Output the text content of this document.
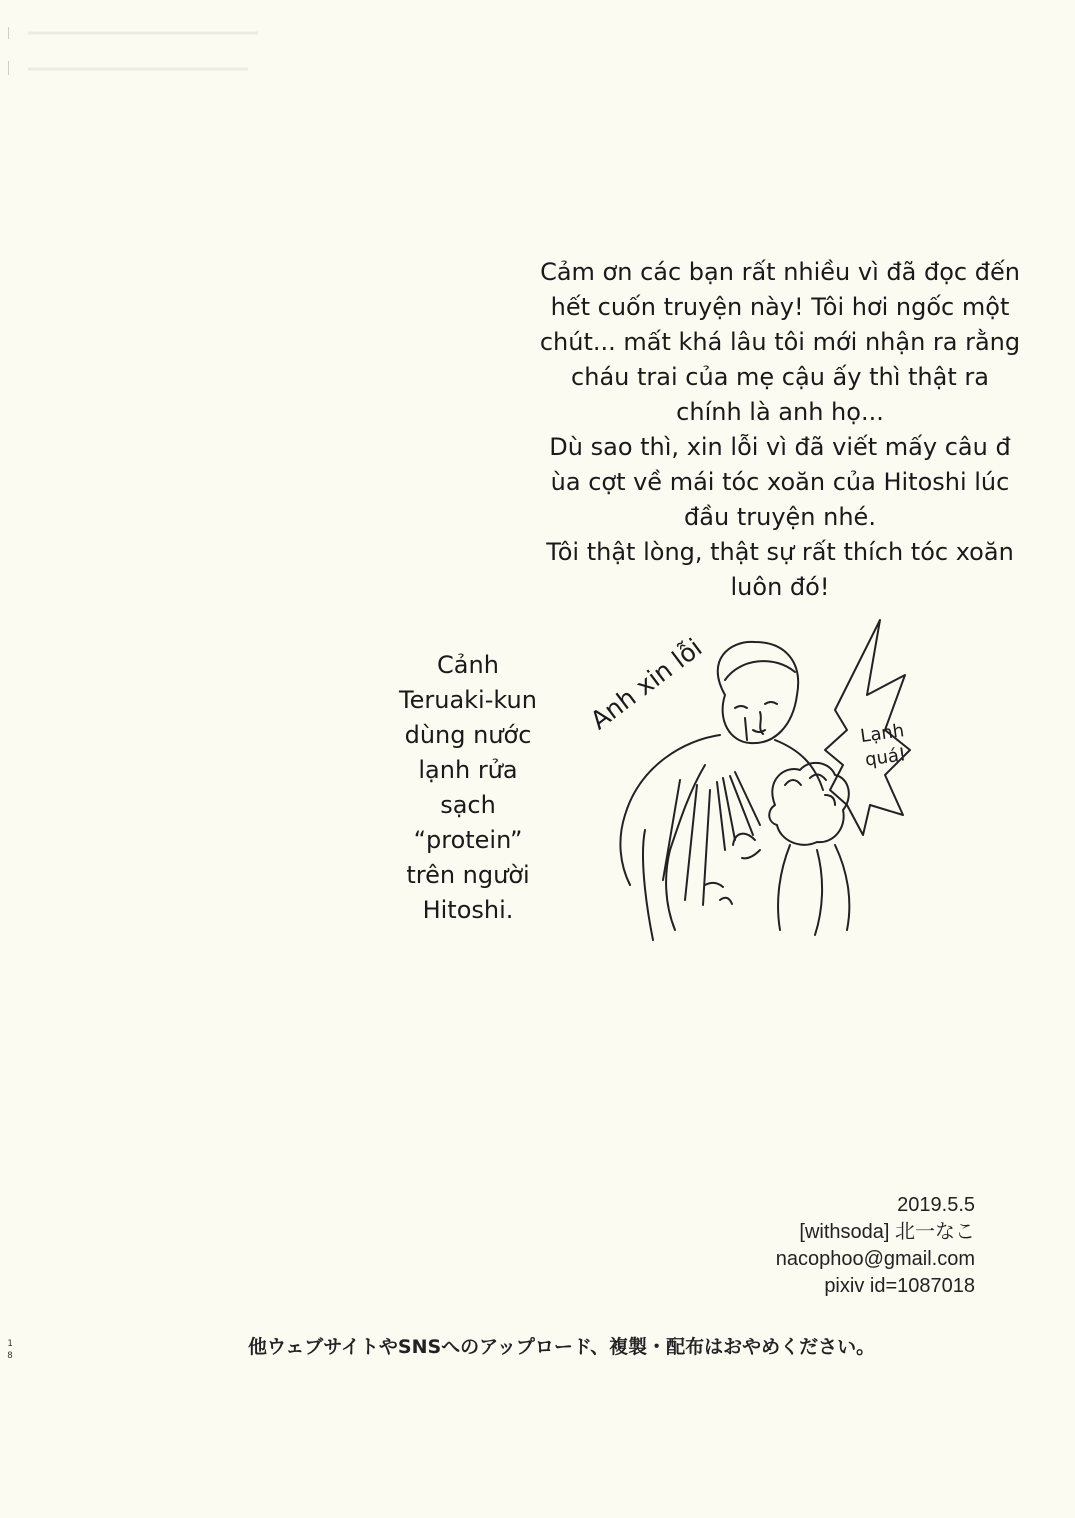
Cảm ơn các bạn rất nhiều vì đã đọc đến
hết cuốn truyện này! Tôi hơi ngốc một
chút... mất khá lâu tôi mới nhận ra rằng
cháu trai của mẹ cậu ấy thì thật ra
chính là anh họ...
Dù sao thì, xin lỗi vì đã viết mấy câu đ
ùa cợt về mái tóc xoăn của Hitoshi lúc
đầu truyện nhé.
Tôi thật lòng, thật sự rất thích tóc xoăn
luôn đó!
Cảnh
Teruaki-kun
dùng nước
lạnh rửa
sạch
“protein”
trên người
Hitoshi.
Anh xin lỗi	Lạnh
quá!
2019.5.5
[withsoda] 北一なこ
nacophoo@gmail.com
pixiv id=1087018
他ウェブサイトやSNSへのアップロード、複製・配布はおやめください。
1
8
